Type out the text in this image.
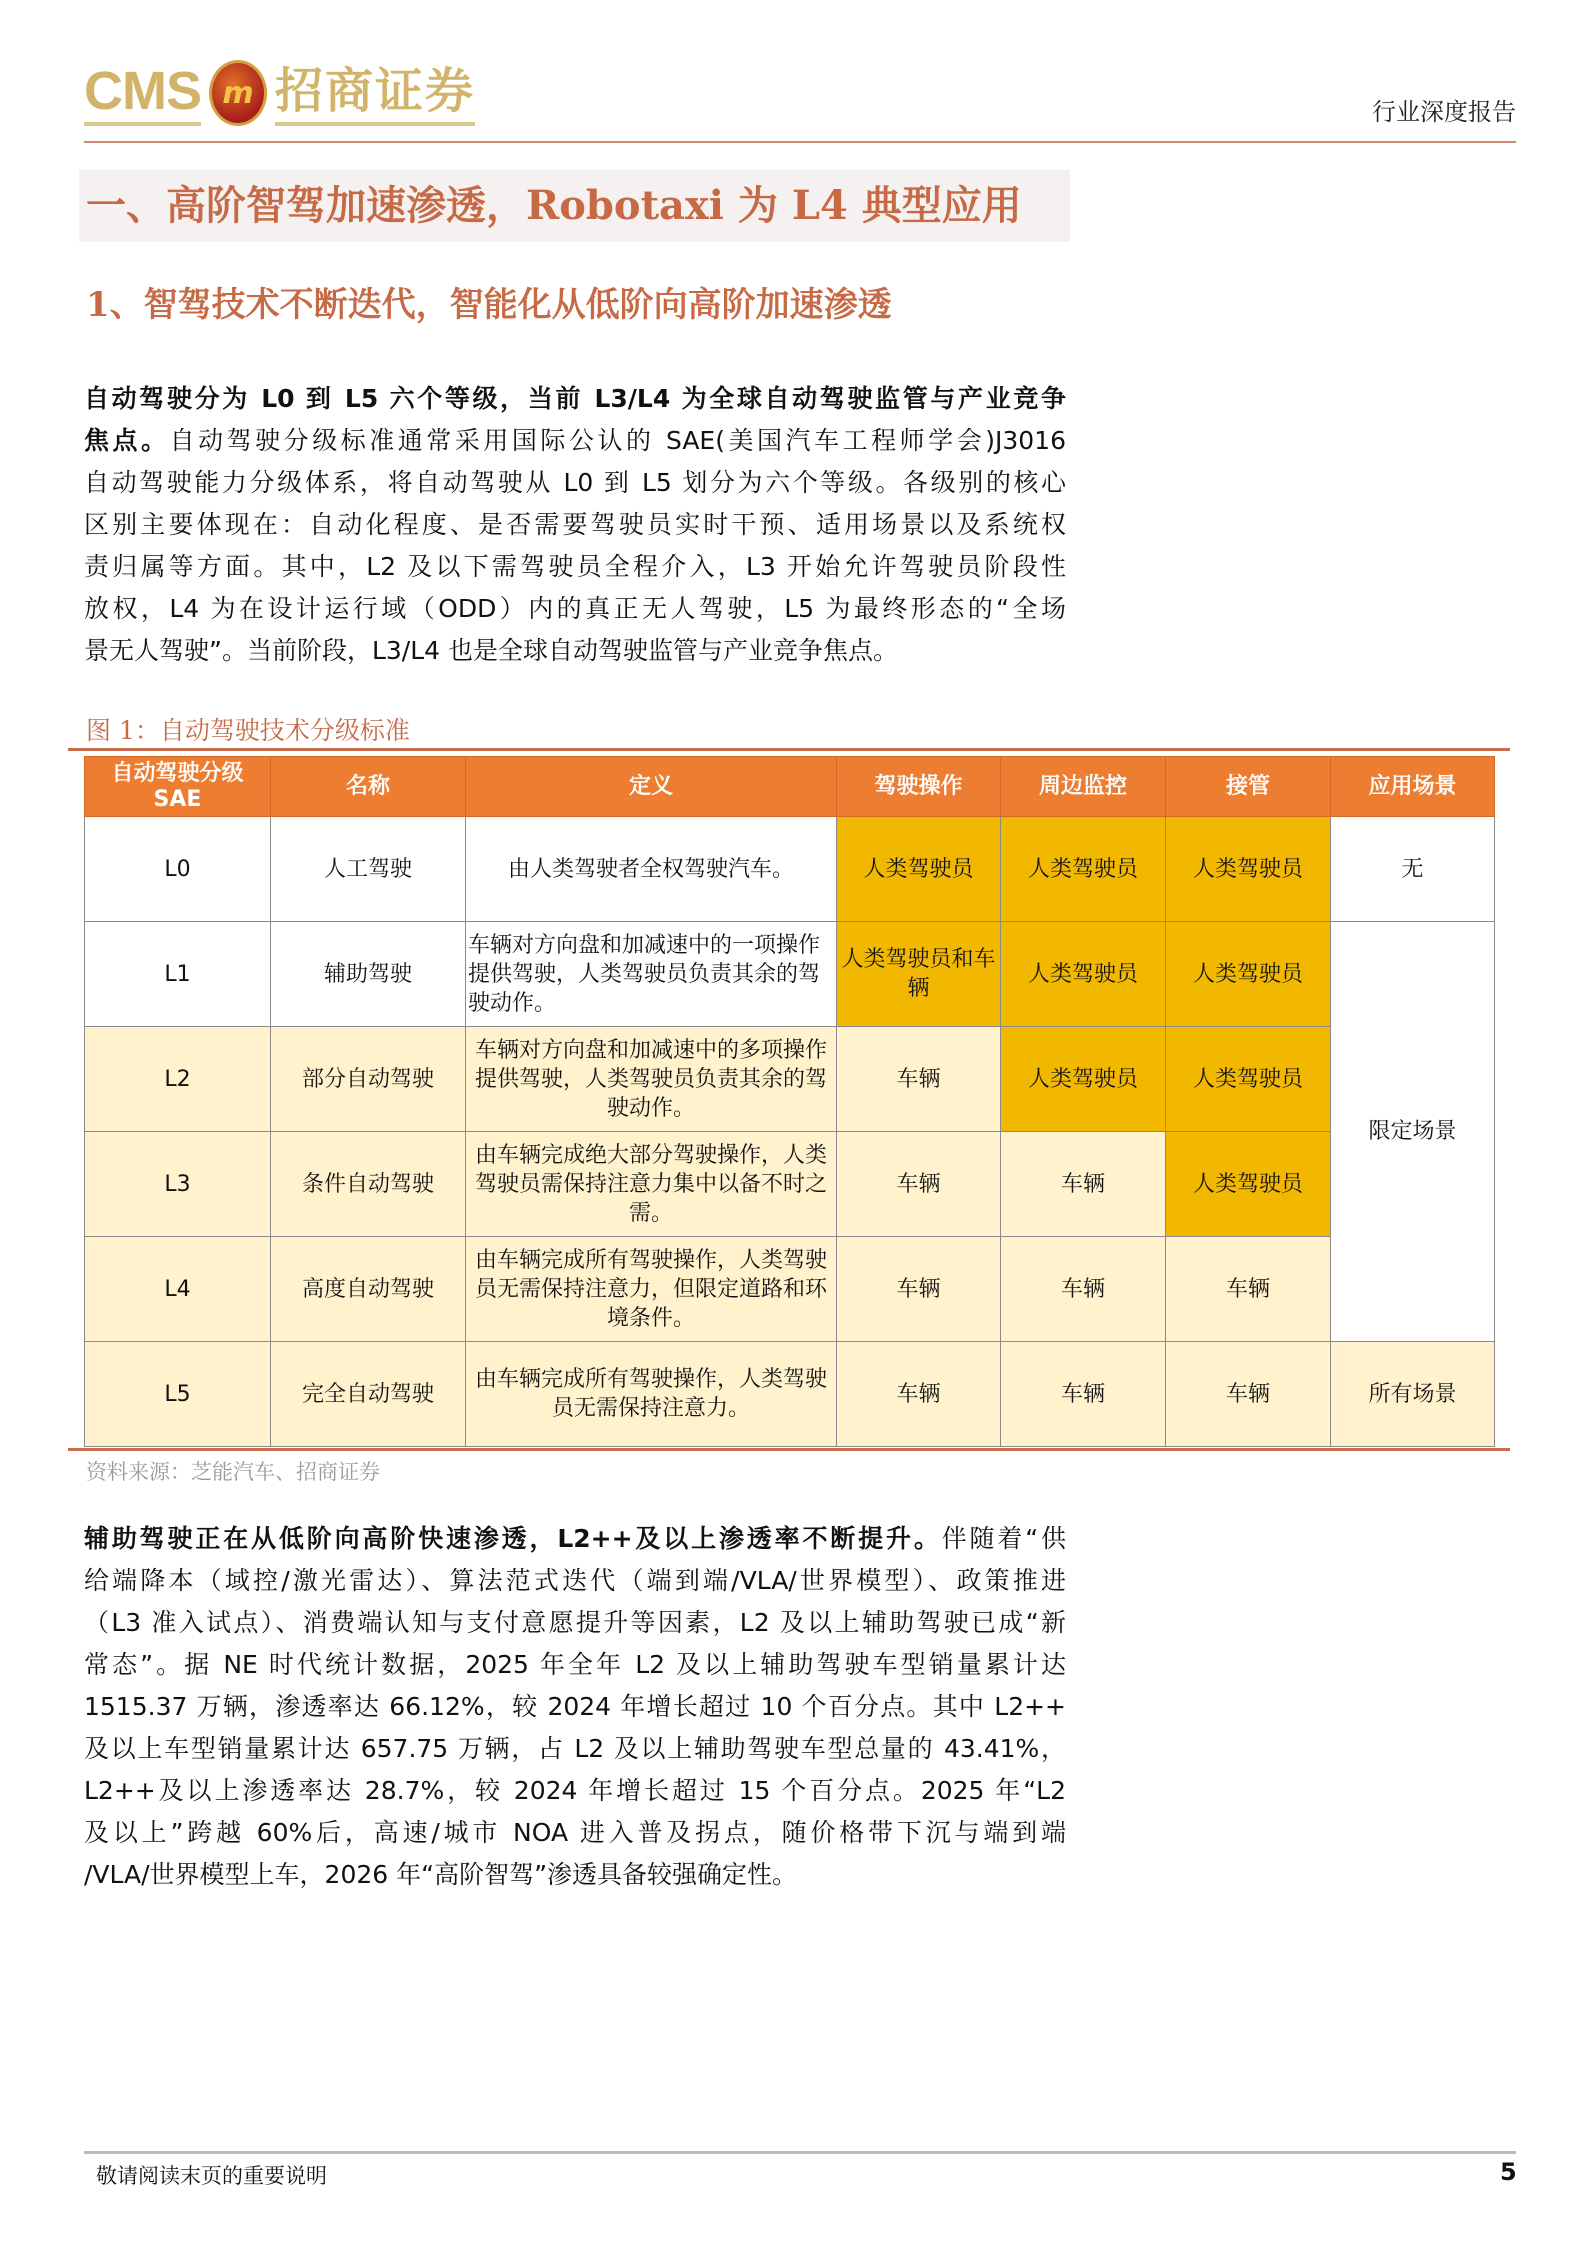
CMS m 招商证券	行业深度报告
一、高阶智驾加速渗透，Robotaxi 为 L4 典型应用
1、智驾技术不断迭代，智能化从低阶向高阶加速渗透
自动驾驶分为 L0 到 L5 六个等级，当前 L3/L4 为全球自动驾驶监管与产业竞争
焦点。自动驾驶分级标准通常采用国际公认的 SAE(美国汽车工程师学会)J3016
自动驾驶能力分级体系，将自动驾驶从 L0 到 L5 划分为六个等级。各级别的核心
区别主要体现在：自动化程度、是否需要驾驶员实时干预、适用场景以及系统权
责归属等方面。其中，L2 及以下需驾驶员全程介入，L3 开始允许驾驶员阶段性
放权，L4 为在设计运行域（ODD）内的真正无人驾驶，L5 为最终形态的“全场
景无人驾驶”。当前阶段，L3/L4 也是全球自动驾驶监管与产业竞争焦点。
图 1：自动驾驶技术分级标准
自动驾驶分级 SAE	名称	定义	驾驶操作	周边监控	接管	应用场景
L0	人工驾驶	由人类驾驶者全权驾驶汽车。	人类驾驶员	人类驾驶员	人类驾驶员	无
L1	辅助驾驶	车辆对方向盘和加减速中的一项操作提供驾驶，人类驾驶员负责其余的驾驶动作。	人类驾驶员和车辆	人类驾驶员	人类驾驶员	限定场景
L2	部分自动驾驶	车辆对方向盘和加减速中的多项操作提供驾驶，人类驾驶员负责其余的驾驶动作。	车辆	人类驾驶员	人类驾驶员	
L3	条件自动驾驶	由车辆完成绝大部分驾驶操作，人类驾驶员需保持注意力集中以备不时之需。	车辆	车辆	人类驾驶员	
L4	高度自动驾驶	由车辆完成所有驾驶操作，人类驾驶员无需保持注意力，但限定道路和环境条件。	车辆	车辆	车辆	
L5	完全自动驾驶	由车辆完成所有驾驶操作，人类驾驶员无需保持注意力。	车辆	车辆	车辆	所有场景
资料来源：芝能汽车、招商证券
辅助驾驶正在从低阶向高阶快速渗透，L2++及以上渗透率不断提升。伴随着“供
给端降本（域控/激光雷达）、算法范式迭代（端到端/VLA/世界模型）、政策推进
（L3 准入试点）、消费端认知与支付意愿提升等因素，L2 及以上辅助驾驶已成“新
常态”。据 NE 时代统计数据，2025 年全年 L2 及以上辅助驾驶车型销量累计达
1515.37 万辆，渗透率达 66.12%，较 2024 年增长超过 10 个百分点。其中 L2++
及以上车型销量累计达 657.75 万辆，占 L2 及以上辅助驾驶车型总量的 43.41%，
L2++及以上渗透率达 28.7%，较 2024 年增长超过 15 个百分点。2025 年“L2
及以上”跨越 60%后，高速/城市 NOA 进入普及拐点，随价格带下沉与端到端
/VLA/世界模型上车，2026 年“高阶智驾”渗透具备较强确定性。
敬请阅读末页的重要说明	5
